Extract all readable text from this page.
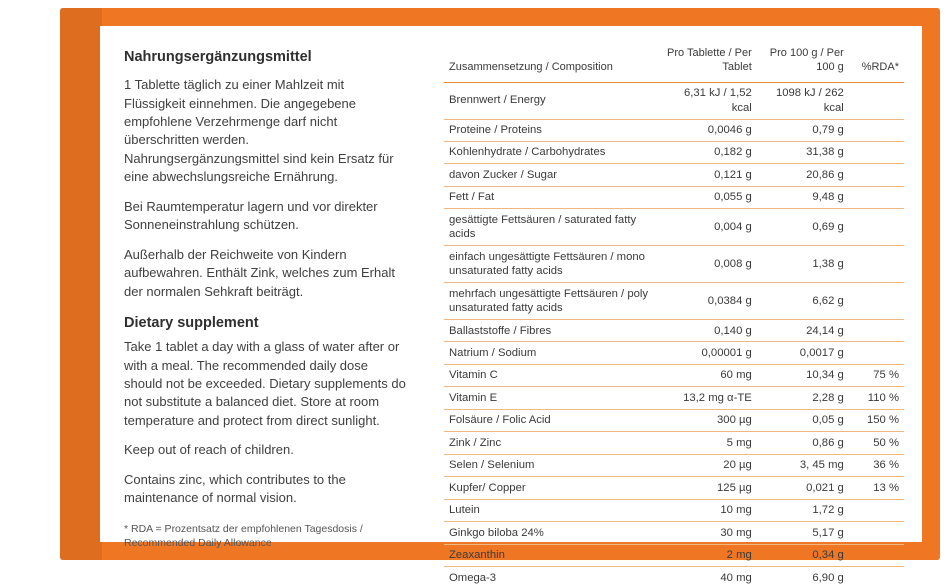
Nahrungsergänzungsmittel

1 Tablette täglich zu einer Mahlzeit mit Flüssigkeit einnehmen. Die angegebene empfohlene Verzehrmenge darf nicht überschritten werden. Nahrungsergänzungsmittel sind kein Ersatz für eine abwechslungsreiche Ernährung.

Bei Raumtemperatur lagern und vor direkter Sonneneinstrahlung schützen.

Außerhalb der Reichweite von Kindern aufbewahren. Enthält Zink, welches zum Erhalt der normalen Sehkraft beiträgt.

Dietary supplement

Take 1 tablet a day with a glass of water after or with a meal. The recommended daily dose should not be exceeded. Dietary supplements do not substitute a balanced diet. Store at room temperature and protect from direct sunlight.

Keep out of reach of children.

Contains zinc, which contributes to the maintenance of normal vision.

* RDA = Prozentsatz der empfohlenen Tagesdosis / Recommended Daily Allowance
Zusammensetzung / Composition	Pro Tablette / Per Tablet	Pro 100 g / Per 100 g	%RDA*
Brennwert / Energy	6,31 kJ / 1,52 kcal	1098 kJ / 262 kcal	
Proteine / Proteins	0,0046 g	0,79 g	
Kohlenhydrate / Carbohydrates	0,182 g	31,38 g	
davon Zucker / Sugar	0,121 g	20,86 g	
Fett / Fat	0,055 g	9,48 g	
gesättigte Fettsäuren / saturated fatty acids	0,004 g	0,69 g	
einfach ungesättigte Fettsäuren / mono unsaturated fatty acids	0,008 g	1,38 g	
mehrfach ungesättigte Fettsäuren / poly unsaturated fatty acids	0,0384 g	6,62 g	
Ballaststoffe / Fibres	0,140 g	24,14 g	
Natrium / Sodium	0,00001 g	0,0017 g	
Vitamin C	60 mg	10,34 g	75 %
Vitamin E	13,2 mg α-TE	2,28 g	110 %
Folsäure / Folic Acid	300 µg	0,05 g	150 %
Zink / Zinc	5 mg	0,86 g	50 %
Selen / Selenium	20 µg	3, 45 mg	36 %
Kupfer/ Copper	125 µg	0,021 g	13 %
Lutein	10 mg	1,72 g	
Ginkgo biloba 24%	30 mg	5,17 g	
Zeaxanthin	2 mg	0,34 g	
Omega-3	40 mg	6,90 g	
